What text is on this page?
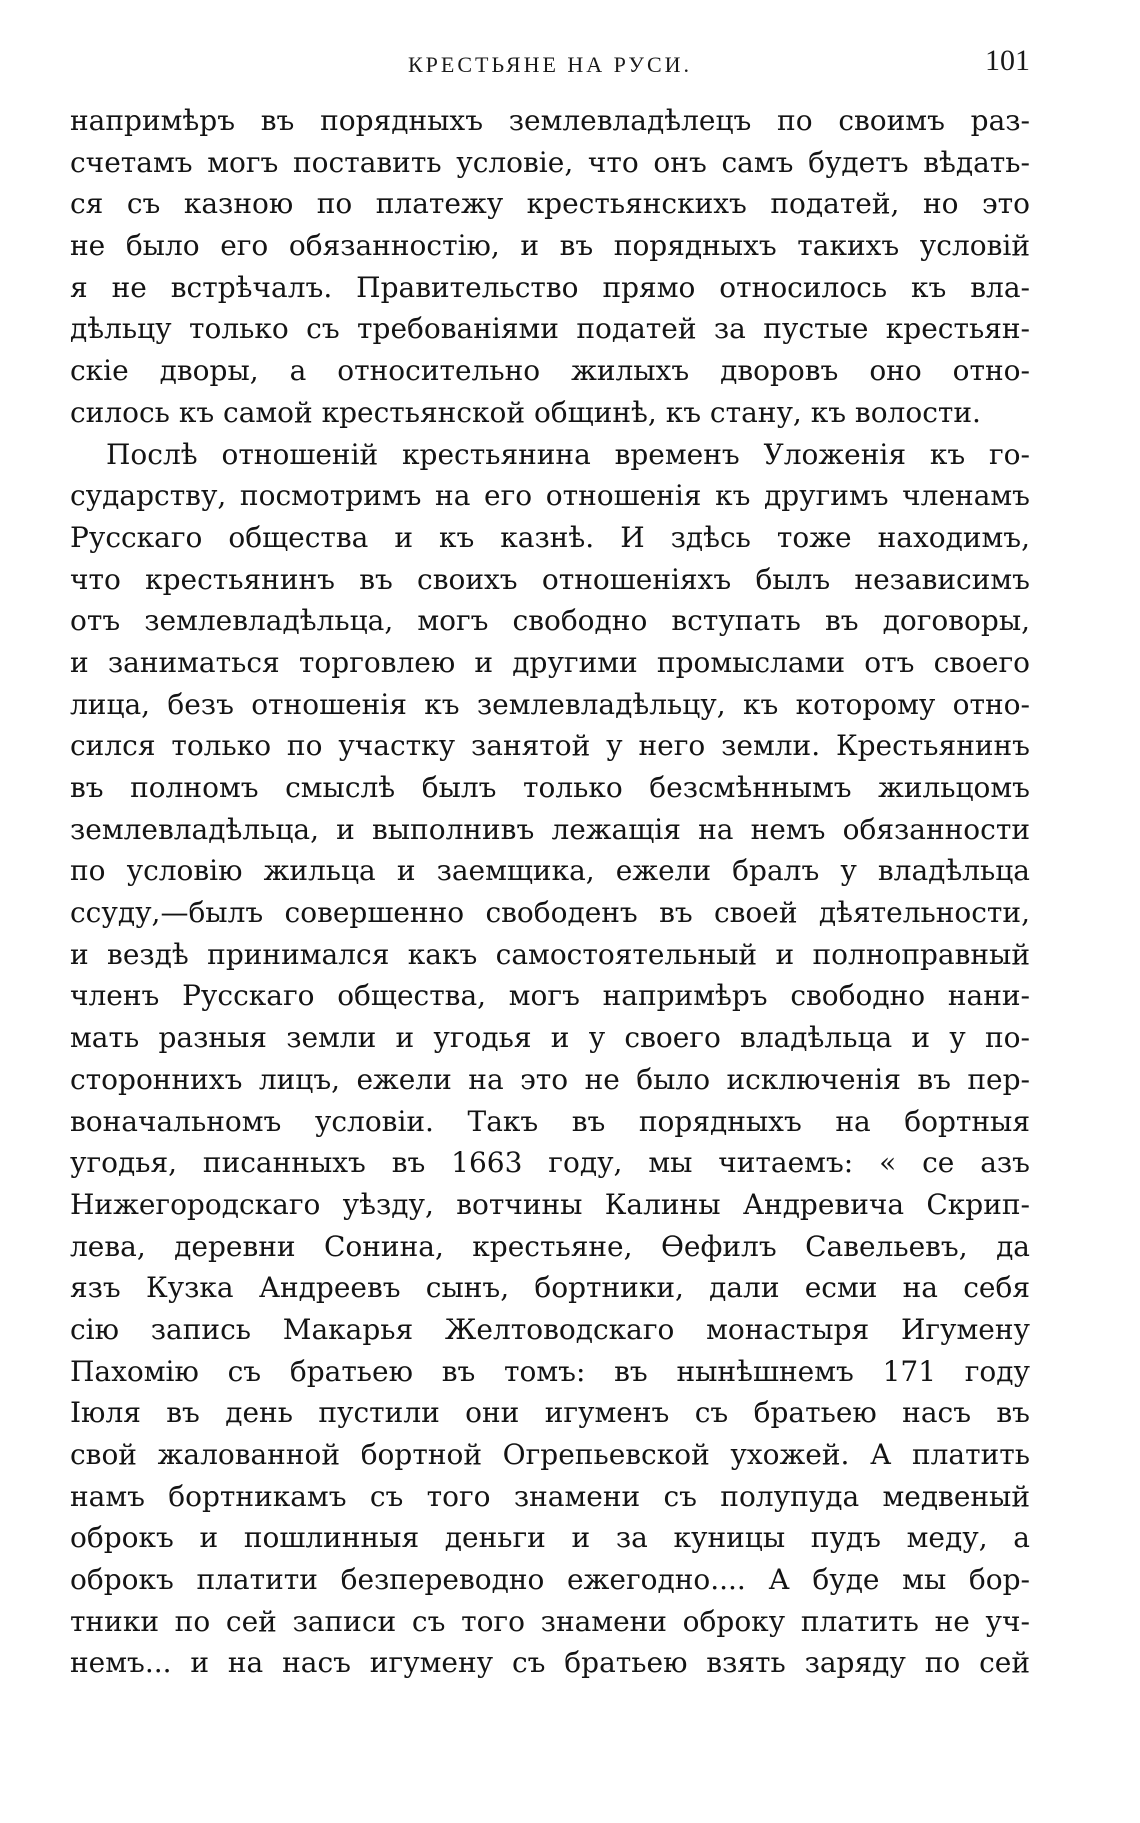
КРЕСТЬЯНЕ НА РУСИ.	101
напримѣръ въ порядныхъ землевладѣлецъ по своимъ раз-
счетамъ могъ поставить условіе, что онъ самъ будетъ вѣдать-
ся съ казною по платежу крестьянскихъ податей, но это
не было его обязанностію, и въ порядныхъ такихъ условій
я не встрѣчалъ. Правительство прямо относилось къ вла-
дѣльцу только съ требованіями податей за пустые крестьян-
скіе дворы, а относительно жилыхъ дворовъ оно отно-
силось къ самой крестьянской общинѣ, къ стану, къ волости.
Послѣ отношеній крестьянина временъ Уложенія къ го-
сударству, посмотримъ на его отношенія къ другимъ членамъ
Русскаго общества и къ казнѣ. И здѣсь тоже находимъ,
что крестьянинъ въ своихъ отношеніяхъ былъ независимъ
отъ землевладѣльца, могъ свободно вступать въ договоры,
и заниматься торговлею и другими промыслами отъ своего
лица, безъ отношенія къ землевладѣльцу, къ которому отно-
сился только по участку занятой у него земли. Крестьянинъ
въ полномъ смыслѣ былъ только безсмѣннымъ жильцомъ
землевладѣльца, и выполнивъ лежащія на немъ обязанности
по условію жильца и заемщика, ежели бралъ у владѣльца
ссуду,—былъ совершенно свободенъ въ своей дѣятельности,
и вездѣ принимался какъ самостоятельный и полноправный
членъ Русскаго общества, могъ напримѣръ свободно нани-
мать разныя земли и угодья и у своего владѣльца и у по-
стороннихъ лицъ, ежели на это не было исключенія въ пер-
воначальномъ условіи. Такъ въ порядныхъ на бортныя
угодья, писанныхъ въ 1663 году, мы читаемъ: « се азъ
Нижегородскаго уѣзду, вотчины Калины Андревича Скрип-
лева, деревни Сонина, крестьяне, Ѳефилъ Савельевъ, да
язъ Кузка Андреевъ сынъ, бортники, дали есми на себя
сію запись Макарья Желтоводскаго монастыря Игумену
Пахомію съ братьею въ томъ: въ нынѣшнемъ 171 году
Іюля въ день пустили они игуменъ съ братьею насъ въ
свой жалованной бортной Огрепьевской ухожей. А платить
намъ бортникамъ съ того знамени съ полупуда медвеный
оброкъ и пошлинныя деньги и за куницы пудъ меду, а
оброкъ платити безпереводно ежегодно.... А буде мы бор-
тники по сей записи съ того знамени оброку платить не уч-
немъ... и на насъ игумену съ братьею взять заряду по сей
